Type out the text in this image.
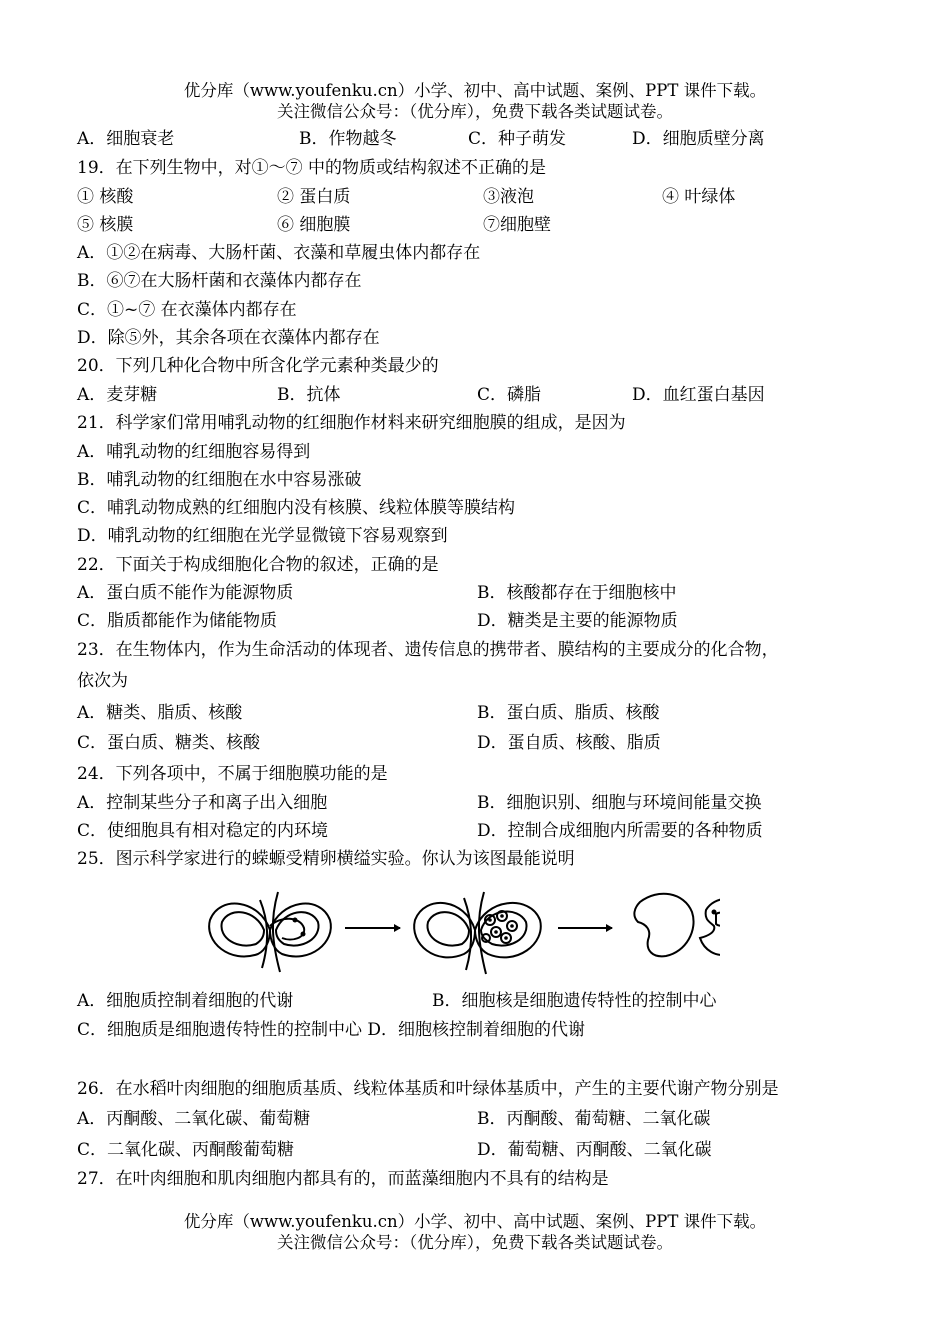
优分库（www.youfenku.cn）小学、初中、高中试题、案例、PPT 课件下载。
关注微信公众号：（优分库），免费下载各类试题试卷。
A．细胞衰老	B．作物越冬	C．种子萌发	D．细胞质壁分离
19．在下列生物中，对①～⑦ 中的物质或结构叙述不正确的是
① 核酸	② 蛋白质	③液泡	④ 叶绿体
⑤ 核膜	⑥ 细胞膜	⑦细胞壁
A．①②在病毒、大肠杆菌、衣藻和草履虫体内都存在
B．⑥⑦在大肠杆菌和衣藻体内都存在
C．①~⑦ 在衣藻体内都存在
D．除⑤外，其余各项在衣藻体内都存在
20．下列几种化合物中所含化学元素种类最少的
A．麦芽糖	B．抗体	C．磷脂	D．血红蛋白基因
21．科学家们常用哺乳动物的红细胞作材料来研究细胞膜的组成，是因为
A．哺乳动物的红细胞容易得到
B．哺乳动物的红细胞在水中容易涨破
C．哺乳动物成熟的红细胞内没有核膜、线粒体膜等膜结构
D．哺乳动物的红细胞在光学显微镜下容易观察到
22．下面关于构成细胞化合物的叙述，正确的是
A．蛋白质不能作为能源物质	B．核酸都存在于细胞核中
C．脂质都能作为储能物质	D．糖类是主要的能源物质
23．在生物体内，作为生命活动的体现者、遗传信息的携带者、膜结构的主要成分的化合物，
依次为
A．糖类、脂质、核酸	B．蛋白质、脂质、核酸
C．蛋白质、糖类、核酸	D．蛋自质、核酸、脂质
24．下列各项中，不属于细胞膜功能的是
A．控制某些分子和离子出入细胞	B．细胞识别、细胞与环境间能量交换
C．使细胞具有相对稳定的内环境	D．控制合成细胞内所需要的各种物质
25．图示科学家进行的蝾螈受精卵横缢实验。你认为该图最能说明
A．细胞质控制着细胞的代谢	B．细胞核是细胞遗传特性的控制中心
C．细胞质是细胞遗传特性的控制中心 D．细胞核控制着细胞的代谢
26．在水稻叶肉细胞的细胞质基质、线粒体基质和叶绿体基质中，产生的主要代谢产物分别是
A．丙酮酸、二氧化碳、葡萄糖	B．丙酮酸、葡萄糖、二氧化碳
C．二氧化碳、丙酮酸葡萄糖	D．葡萄糖、丙酮酸、二氧化碳
27．在叶肉细胞和肌肉细胞内都具有的，而蓝藻细胞内不具有的结构是
优分库（www.youfenku.cn）小学、初中、高中试题、案例、PPT 课件下载。
关注微信公众号：（优分库），免费下载各类试题试卷。
